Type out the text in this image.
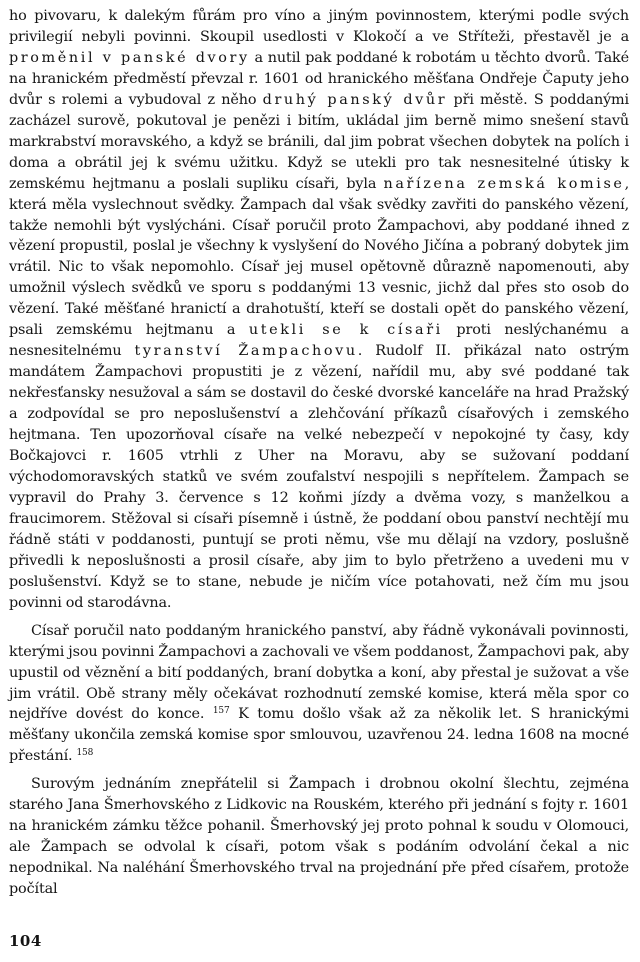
ho pivovaru, k dalekým fůrám pro víno a jiným povinnostem, kterými podle svých privilegií nebyli povinni. Skoupil usedlosti v Klokočí a ve Stříteži, přestavěl je a proměnil v panské dvory a nutil pak poddané k robotám u těchto dvorů. Také na hranickém předměstí převzal r. 1601 od hranického měšťana Ondřeje Čaputy jeho dvůr s rolemi a vybudoval z něho druhý panský dvůr při městě. S poddanými zacházel surově, pokutoval je penězi i bitím, ukládal jim berně mimo snešení stavů markrabství moravského, a když se bránili, dal jim pobrat všechen dobytek na polích i doma a obrátil jej k svému užitku. Když se utekli pro tak nesnesitelné útisky k zemskému hejtmanu a poslali supliku císaři, byla nařízena zemská komise, která měla vyslechnout svědky. Žampach dal však svědky zavřiti do panského vězení, takže nemohli být vyslýcháni. Císař poručil proto Žampachovi, aby poddané ihned z vězení propustil, poslal je všechny k vyslyšení do Nového Jičína a pobraný dobytek jim vrátil. Nic to však nepomohlo. Císař jej musel opětovně důrazně napomenouti, aby umožnil výslech svědků ve sporu s poddanými 13 vesnic, jichž dal přes sto osob do vězení. Také měšťané hranictí a drahotuští, kteří se dostali opět do panského vězení, psali zemskému hejtmanu a utekli se k císaři proti neslýchanému a nesnesitelnému tyranství Žampachovu. Rudolf II. přikázal nato ostrým mandátem Žampachovi propustiti je z vězení, nařídil mu, aby své poddané tak nekřesťansky nesužoval a sám se dostavil do české dvorské kanceláře na hrad Pražský a zodpovídal se pro neposlušenství a zlehčování příkazů císařových i zemského hejtmana. Ten upozorňoval císaře na velké nebezpečí v nepokojné ty časy, kdy Bočkajovci r. 1605 vtrhli z Uher na Moravu, aby se sužovaní poddaní východomoravských statků ve svém zoufalství nespojili s nepřítelem. Žampach se vypravil do Prahy 3. července s 12 koňmi jízdy a dvěma vozy, s manželkou a fraucimorem. Stěžoval si císaři písemně i ústně, že poddaní obou panství nechtějí mu řádně státi v poddanosti, puntují se proti němu, vše mu dělají na vzdory, poslušně přivedli k neposlušnosti a prosil císaře, aby jim to bylo přetrženo a uvedeni mu v poslušenství. Když se to stane, nebude je ničím více potahovati, než čím mu jsou povinni od starodávna.

Císař poručil nato poddaným hranického panství, aby řádně vykonávali povinnosti, kterými jsou povinni Žampachovi a zachovali ve všem poddanost, Žampachovi pak, aby upustil od věznění a bití poddaných, braní dobytka a koní, aby přestal je sužovat a vše jim vrátil. Obě strany měly očekávat rozhodnutí zemské komise, která měla spor co nejdříve dovést do konce. $^{157}$ K tomu došlo však až za několik let. S hranickými měšťany ukončila zemská komise spor smlouvou, uzavřenou 24. ledna 1608 na mocné přestání. $^{158}$

Surovým jednáním znepřátelil si Žampach i drobnou okolní šlechtu, zejména starého Jana Šmerhovského z Lidkovic na Rouském, kterého při jednání s fojty r. 1601 na hranickém zámku těžce pohanil. Šmerhovský jej proto pohnal k soudu v Olomouci, ale Žampach se odvolal k císaři, potom však s podáním odvolání čekal a nic nepodnikal. Na naléhání Šmerhovského trval na projednání pře před císařem, protože počítal

104
